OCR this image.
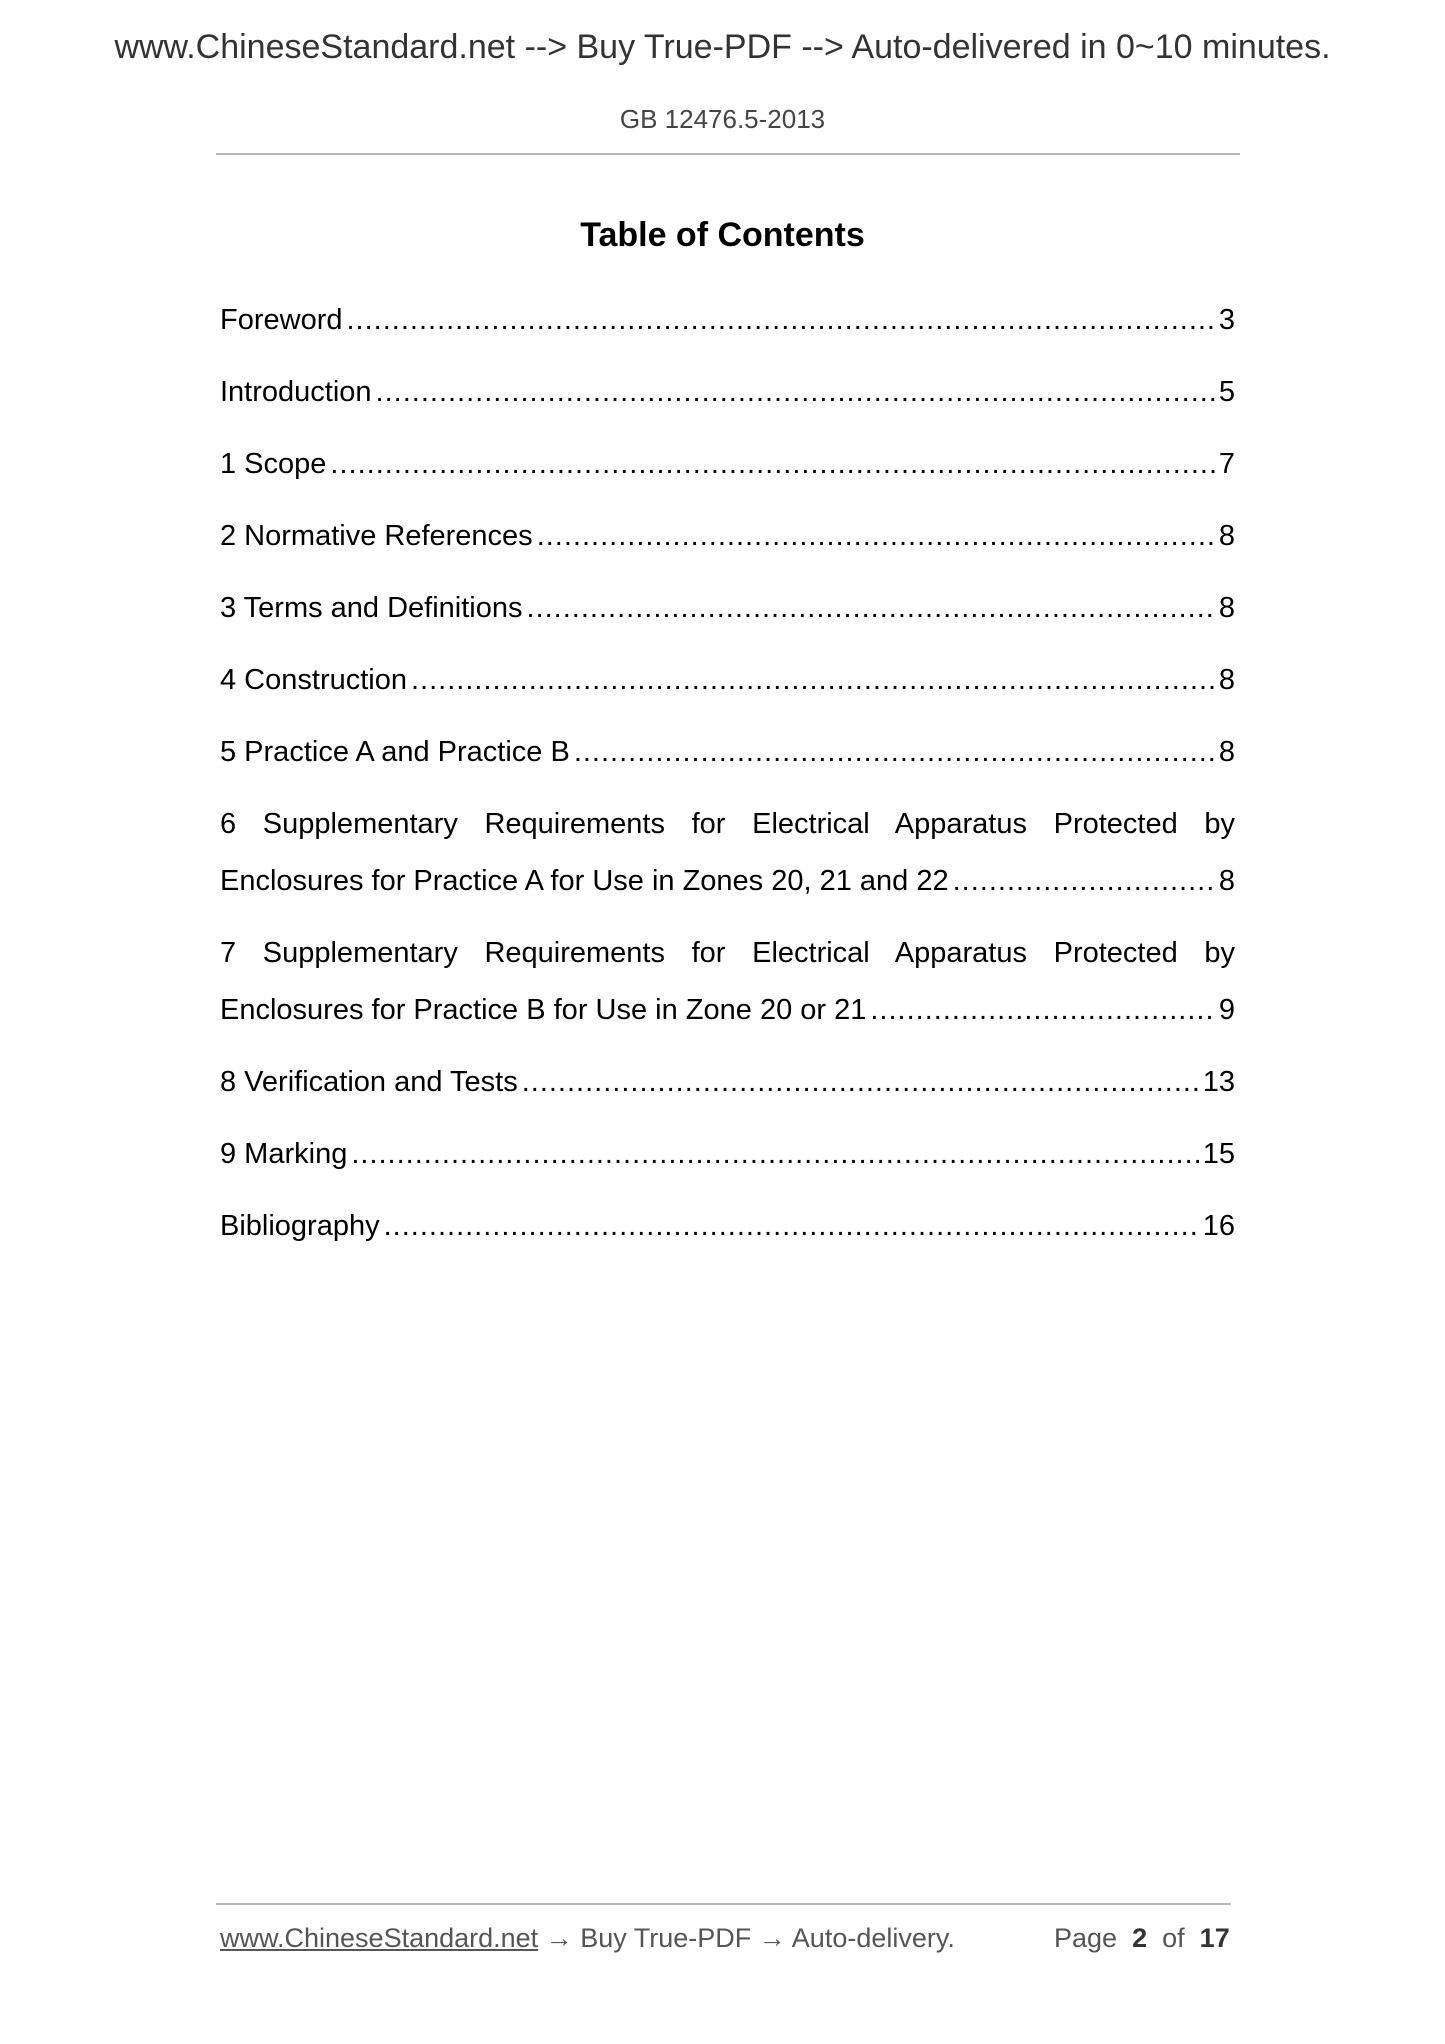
www.ChineseStandard.net --> Buy True-PDF --> Auto-delivered in 0~10 minutes.
GB 12476.5-2013
Table of Contents
Foreword .....	3
Introduction .....	5
1 Scope .....	7
2 Normative References .....	8
3 Terms and Definitions .....	8
4 Construction .....	8
5 Practice A and Practice B .....	8
6 Supplementary Requirements for Electrical Apparatus Protected by
Enclosures for Practice A for Use in Zones 20, 21 and 22 .....	8
7 Supplementary Requirements for Electrical Apparatus Protected by
Enclosures for Practice B for Use in Zone 20 or 21 .....	9
8 Verification and Tests .....	13
9 Marking .....	15
Bibliography .....	16
www.ChineseStandard.net → Buy True-PDF → Auto-delivery.	Page 2 of 17
